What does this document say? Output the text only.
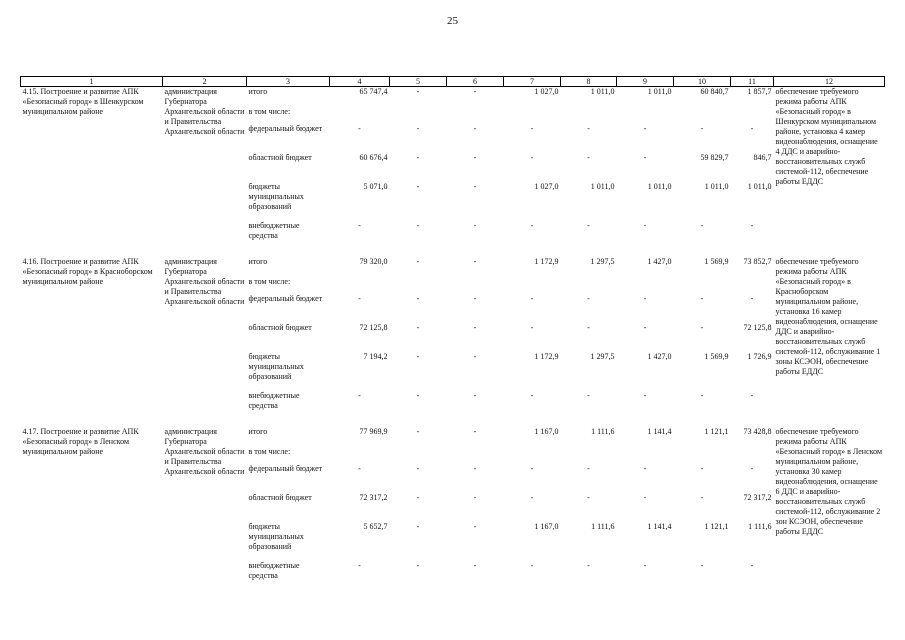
25
1	2	3	4	5	6	7	8	9	10	11	12
4.15. Построение и развитие АПК «Безопасный город» в Шенкурском муниципальном районе	администрация Губернатора Архангельской области и Правительства Архангельской области	итого	65 747,4	-	-	1 027,0	1 011,0	1 011,0	60 840,7	1 857,7	обеспечение требуемого режима работы АПК «Безопасный город» в Шенкурском муниципальном районе, установка 4 камер видеонаблюдения, оснащение 4 ДДС и аварийно-восстановительных служб системой-112, обеспечение работы ЕДДС
		в том числе:									
		федеральный бюджет	-	-	-	-	-	-	-	-	
		областной бюджет	60 676,4	-	-	-	-	-	59 829,7	846,7	
		бюджеты муниципальных образований	5 071,0	-	-	1 027,0	1 011,0	1 011,0	1 011,0	1 011,0	
		внебюджетные средства	-	-	-	-	-	-	-	-	

4.16. Построение и развитие АПК «Безопасный город» в Красноборском муниципальном районе	администрация Губернатора Архангельской области и Правительства Архангельской области	итого	79 320,0	-	-	1 172,9	1 297,5	1 427,0	1 569,9	73 852,7	обеспечение требуемого режима работы АПК «Безопасный город» в Красноборском муниципальном районе, установка 16 камер видеонаблюдения, оснащение ДДС и аварийно-восстановительных служб системой-112, обслуживание 1 зоны КСЭОН, обеспечение работы ЕДДС
		в том числе:									
		федеральный бюджет	-	-	-	-	-	-	-	-	
		областной бюджет	72 125,8	-	-	-	-	-	-	72 125,8	
		бюджеты муниципальных образований	7 194,2	-	-	1 172,9	1 297,5	1 427,0	1 569,9	1 726,9	
		внебюджетные средства	-	-	-	-	-	-	-	-	

4.17. Построение и развитие АПК «Безопасный город» в Ленском муниципальном районе	администрация Губернатора Архангельской области и Правительства Архангельской области	итого	77 969,9	-	-	1 167,0	1 111,6	1 141,4	1 121,1	73 428,8	обеспечение требуемого режима работы АПК «Безопасный город» в Ленском муниципальном районе, установка 30 камер видеонаблюдения, оснащение 6 ДДС и аварийно-восстановительных служб системой-112, обслуживание 2 зон КСЭОН, обеспечение работы ЕДДС
		в том числе:									
		федеральный бюджет	-	-	-	-	-	-	-	-	
		областной бюджет	72 317,2	-	-	-	-	-	-	72 317,2	
		бюджеты муниципальных образований	5 652,7	-	-	1 167,0	1 111,6	1 141,4	1 121,1	1 111,6	
		внебюджетные средства	-	-	-	-	-	-	-	-	
